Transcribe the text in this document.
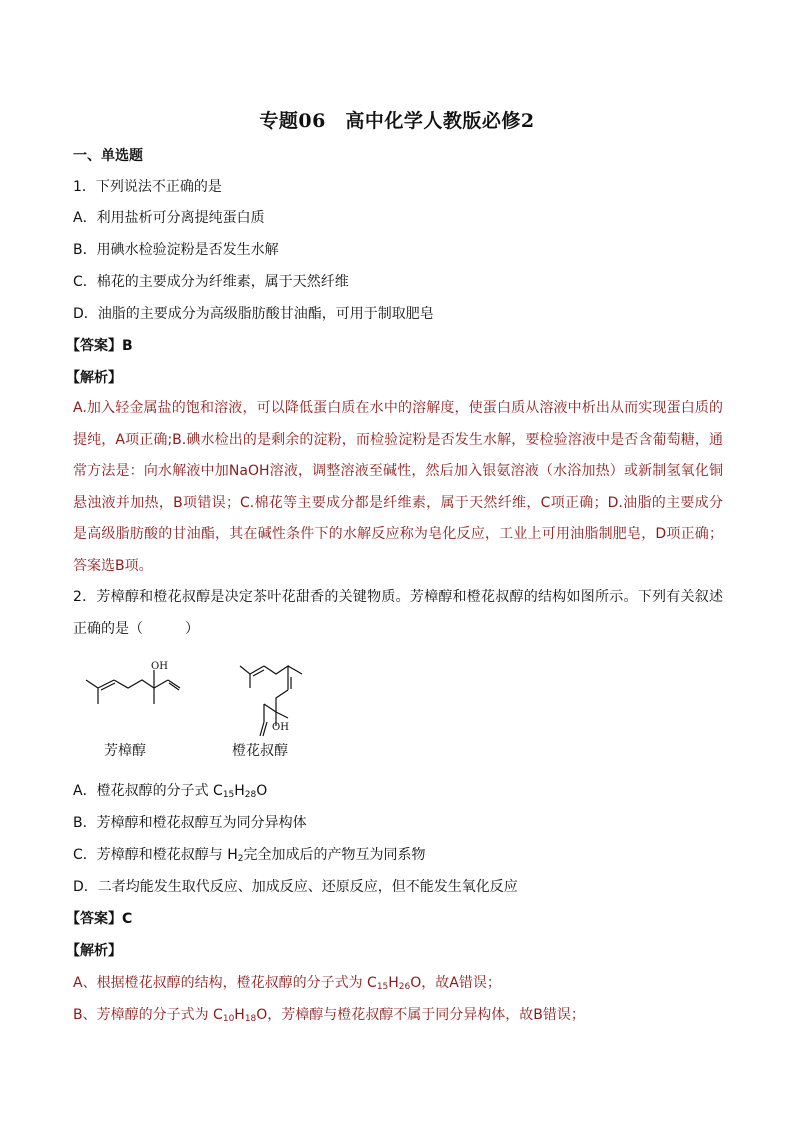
专题06　高中化学人教版必修2
一、单选题
1．下列说法不正确的是
A．利用盐析可分离提纯蛋白质
B．用碘水检验淀粉是否发生水解
C．棉花的主要成分为纤维素，属于天然纤维
D．油脂的主要成分为高级脂肪酸甘油酯，可用于制取肥皂
【答案】B
【解析】
A.加入轻金属盐的饱和溶液，可以降低蛋白质在水中的溶解度，使蛋白质从溶液中析出从而实现蛋白质的提纯，A项正确;B.碘水检出的是剩余的淀粉，而检验淀粉是否发生水解，要检验溶液中是否含葡萄糖，通常方法是：向水解液中加NaOH溶液，调整溶液至碱性，然后加入银氨溶液（水浴加热）或新制氢氧化铜悬浊液并加热，B项错误；C.棉花等主要成分都是纤维素，属于天然纤维，C项正确；D.油脂的主要成分是高级脂肪酸的甘油酯，其在碱性条件下的水解反应称为皂化反应，工业上可用油脂制肥皂，D项正确；答案选B项。
2．芳樟醇和橙花叔醇是决定茶叶花甜香的关键物质。芳樟醇和橙花叔醇的结构如图所示。下列有关叙述正确的是（　　　）
OH
芳樟醇
OH
橙花叔醇
A．橙花叔醇的分子式 $C_{15}H_{28}O$
B．芳樟醇和橙花叔醇互为同分异构体
C．芳樟醇和橙花叔醇与 $H_2$完全加成后的产物互为同系物
D．二者均能发生取代反应、加成反应、还原反应，但不能发生氧化反应
【答案】C
【解析】
A、根据橙花叔醇的结构，橙花叔醇的分子式为 $C_{15}H_{26}O$，故A错误；
B、芳樟醇的分子式为 $C_{10}H_{18}O$，芳樟醇与橙花叔醇不属于同分异构体，故B错误；
